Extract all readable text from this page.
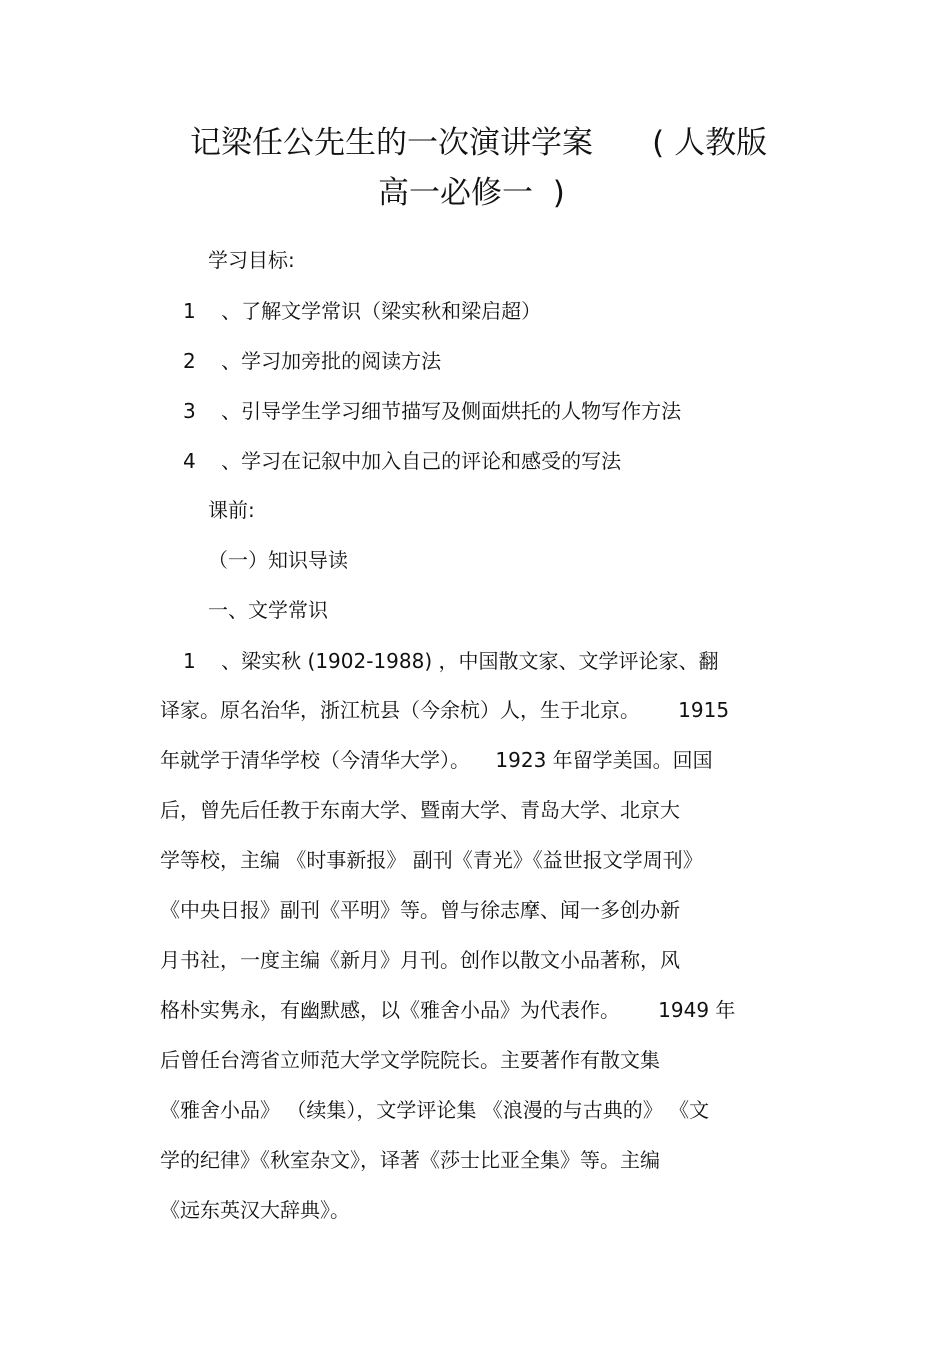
记梁任公先生的一次演讲学案      ( 人教版
高一必修一  )

学习目标:

1    、了解文学常识（梁实秋和梁启超）

2    、学习加旁批的阅读方法

3    、引导学生学习细节描写及侧面烘托的人物写作方法

4    、学习在记叙中加入自己的评论和感受的写法

课前:

（一）知识导读

一、文学常识

1    、梁实秋 (1902-1988) ，中国散文家、文学评论家、翻

译家。原名治华，浙江杭县（今余杭）人，生于北京。      1915

年就学于清华学校（今清华大学）。    1923 年留学美国。回国

后，曾先后任教于东南大学、暨南大学、青岛大学、北京大

学等校，主编 《时事新报》 副刊《青光》《益世报文学周刊》

《中央日报》副刊《平明》等。曾与徐志摩、闻一多创办新

月书社，一度主编《新月》月刊。创作以散文小品著称，风

格朴实隽永，有幽默感，以《雅舍小品》为代表作。      1949 年

后曾任台湾省立师范大学文学院院长。主要著作有散文集

《雅舍小品》 （续集），文学评论集 《浪漫的与古典的》 《文

学的纪律》《秋室杂文》，译著《莎士比亚全集》等。主编

《远东英汉大辞典》。
